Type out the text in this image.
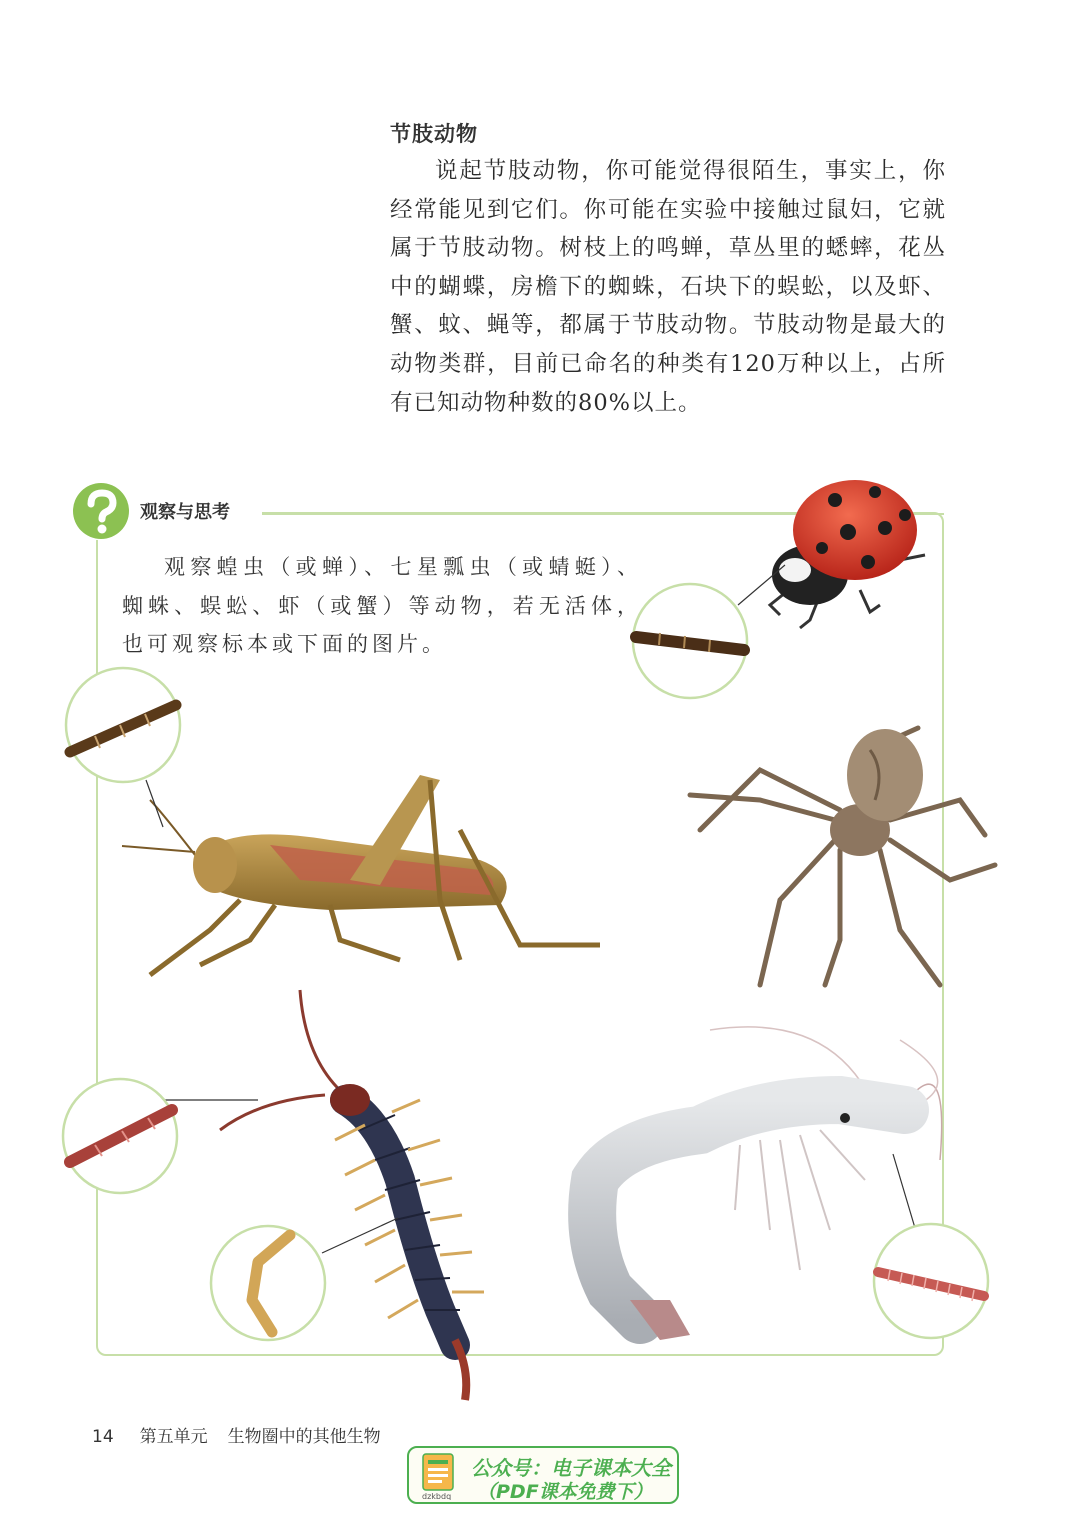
节肢动物

说起节肢动物，你可能觉得很陌生，事实上，你经常能见到它们。你可能在实验中接触过鼠妇，它就属于节肢动物。树枝上的鸣蝉，草丛里的蟋蟀，花丛中的蝴蝶，房檐下的蜘蛛，石块下的蜈蚣，以及虾、蟹、蚊、蝇等，都属于节肢动物。节肢动物是最大的动物类群，目前已命名的种类有120万种以上，占所有已知动物种数的80%以上。

观察与思考

观察蝗虫（或蝉）、七星瓢虫（或蜻蜓）、蜘蛛、蜈蚣、虾（或蟹）等动物，若无活体，也可观察标本或下面的图片。

14 第五单元 生物圈中的其他生物
dzkbdq
公众号：电子课本大全
（PDF课本免费下）
